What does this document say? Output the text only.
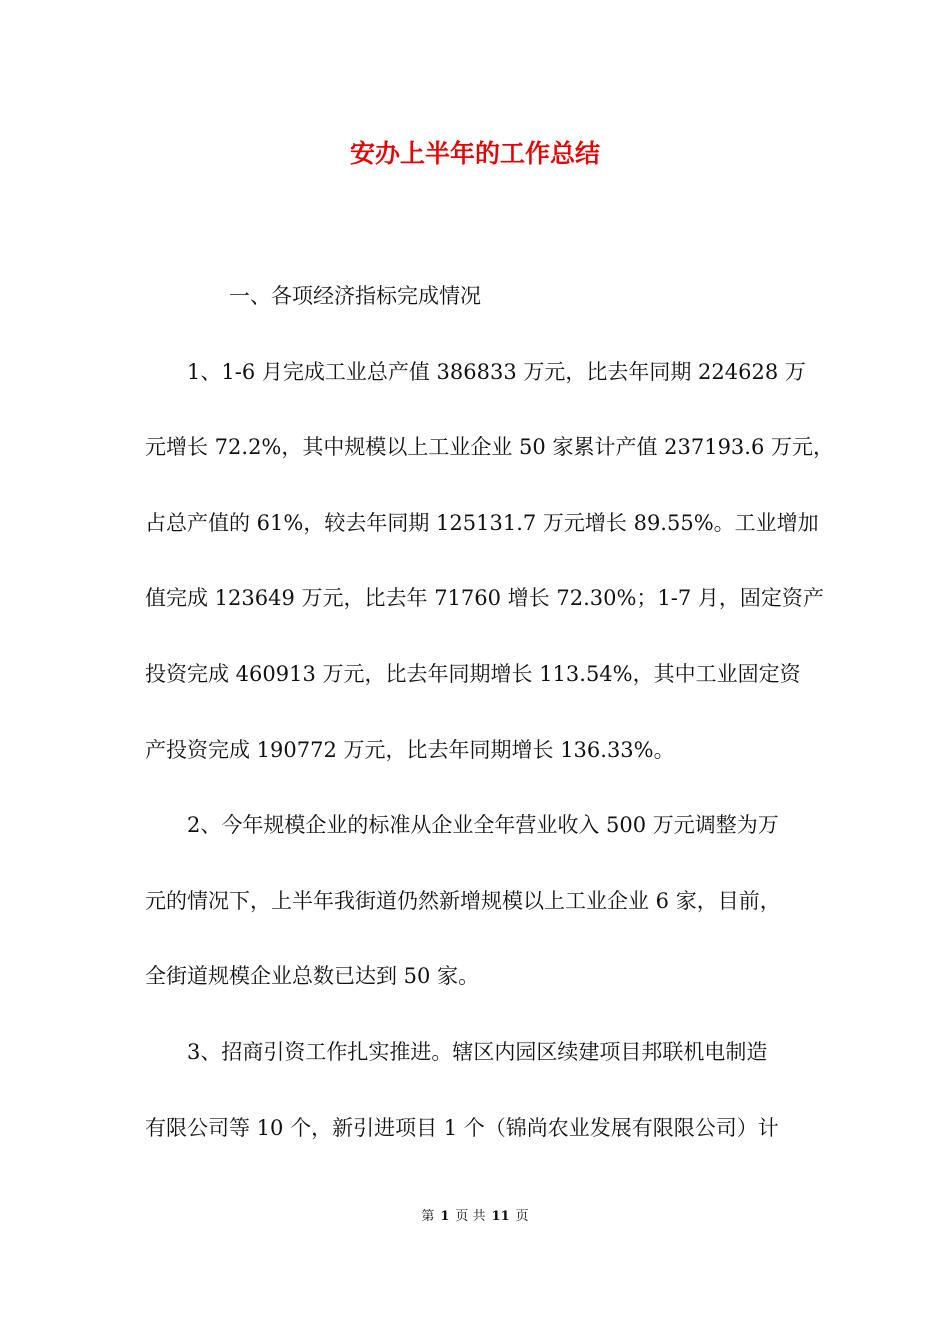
安办上半年的工作总结
一、各项经济指标完成情况

1、1-6 月完成工业总产值 386833 万元，比去年同期 224628 万
元增长 72.2%，其中规模以上工业企业 50 家累计产值 237193.6 万元，
占总产值的 61%，较去年同期 125131.7 万元增长 89.55%。工业增加
值完成 123649 万元，比去年 71760 增长 72.30%；1-7 月，固定资产
投资完成 460913 万元，比去年同期增长 113.54%，其中工业固定资
产投资完成 190772 万元，比去年同期增长 136.33%。

2、今年规模企业的标准从企业全年营业收入 500 万元调整为万
元的情况下，上半年我街道仍然新增规模以上工业企业 6 家，目前，
全街道规模企业总数已达到 50 家。

3、招商引资工作扎实推进。辖区内园区续建项目邦联机电制造
有限公司等 10 个，新引进项目 1 个（锦尚农业发展有限限公司）计

第 1 页 共 11 页
